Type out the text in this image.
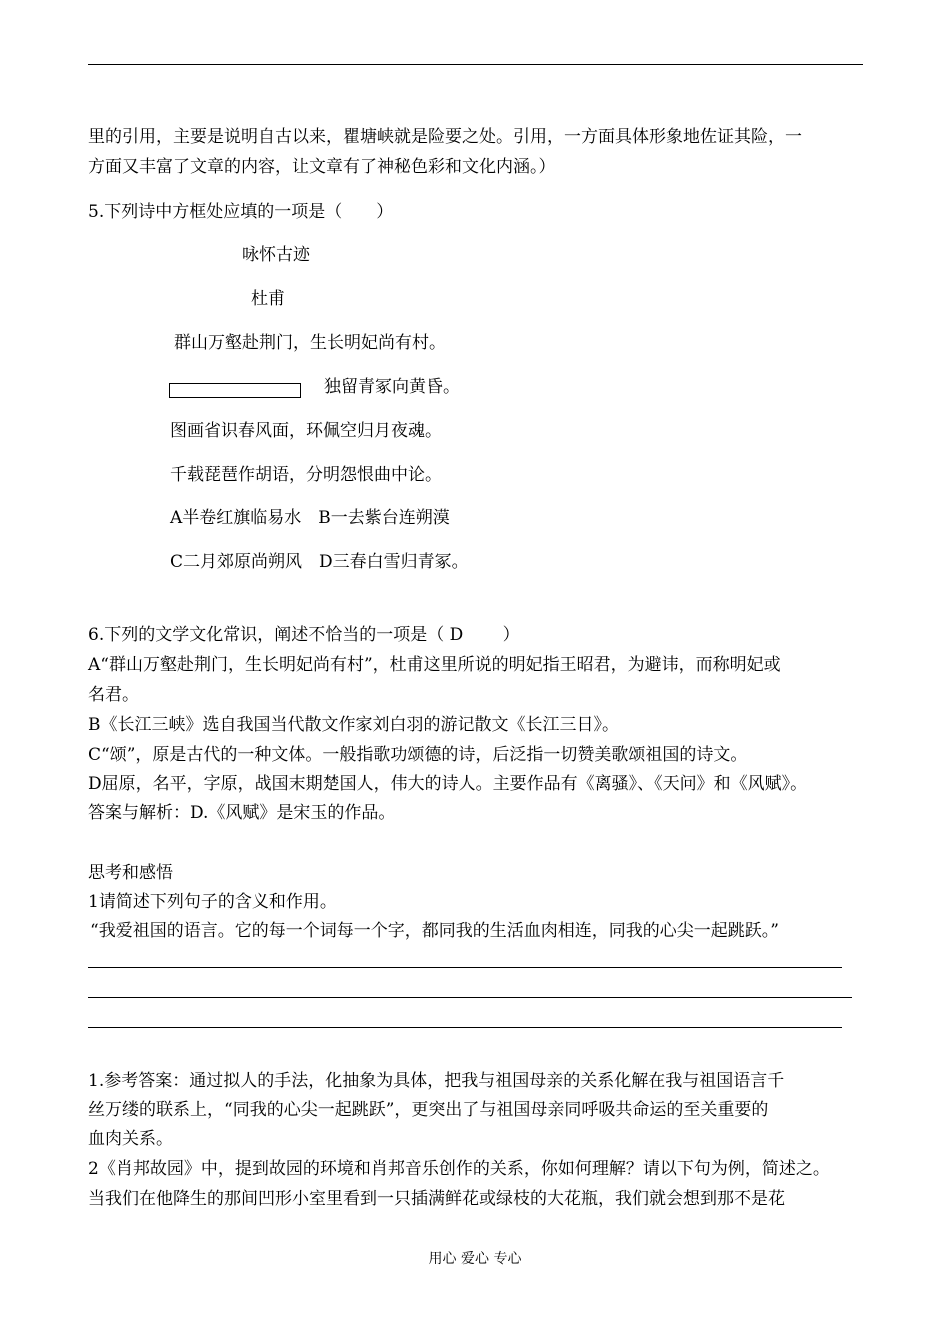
里的引用，主要是说明自古以来，瞿塘峡就是险要之处。引用，一方面具体形象地佐证其险，一
方面又丰富了文章的内容，让文章有了神秘色彩和文化内涵。）
5.下列诗中方框处应填的一项是（　　）
咏怀古迹
杜甫
群山万壑赴荆门，生长明妃尚有村。
独留青冢向黄昏。
图画省识春风面，环佩空归月夜魂。
千载琵琶作胡语，分明怨恨曲中论。
A半卷红旗临易水　B一去紫台连朔漠
C二月郊原尚朔风　D三春白雪归青冢。
6.下列的文学文化常识，阐述不恰当的一项是（ D　　 ）
A“群山万壑赴荆门，生长明妃尚有村”，杜甫这里所说的明妃指王昭君，为避讳，而称明妃或
名君。
B《长江三峡》选自我国当代散文作家刘白羽的游记散文《长江三日》。
C“颂”，原是古代的一种文体。一般指歌功颂德的诗，后泛指一切赞美歌颂祖国的诗文。
D屈原，名平，字原，战国末期楚国人，伟大的诗人。主要作品有《离骚》、《天问》和《风赋》。
答案与解析：D.《风赋》是宋玉的作品。
思考和感悟
1请简述下列句子的含义和作用。
“我爱祖国的语言。它的每一个词每一个字，都同我的生活血肉相连，同我的心尖一起跳跃。”
1.参考答案：通过拟人的手法，化抽象为具体，把我与祖国母亲的关系化解在我与祖国语言千
丝万缕的联系上，“同我的心尖一起跳跃”，更突出了与祖国母亲同呼吸共命运的至关重要的
血肉关系。
2《肖邦故园》中，提到故园的环境和肖邦音乐创作的关系，你如何理解？请以下句为例，简述之。
当我们在他降生的那间凹形小室里看到一只插满鲜花或绿枝的大花瓶，我们就会想到那不是花
用心 爱心 专心
